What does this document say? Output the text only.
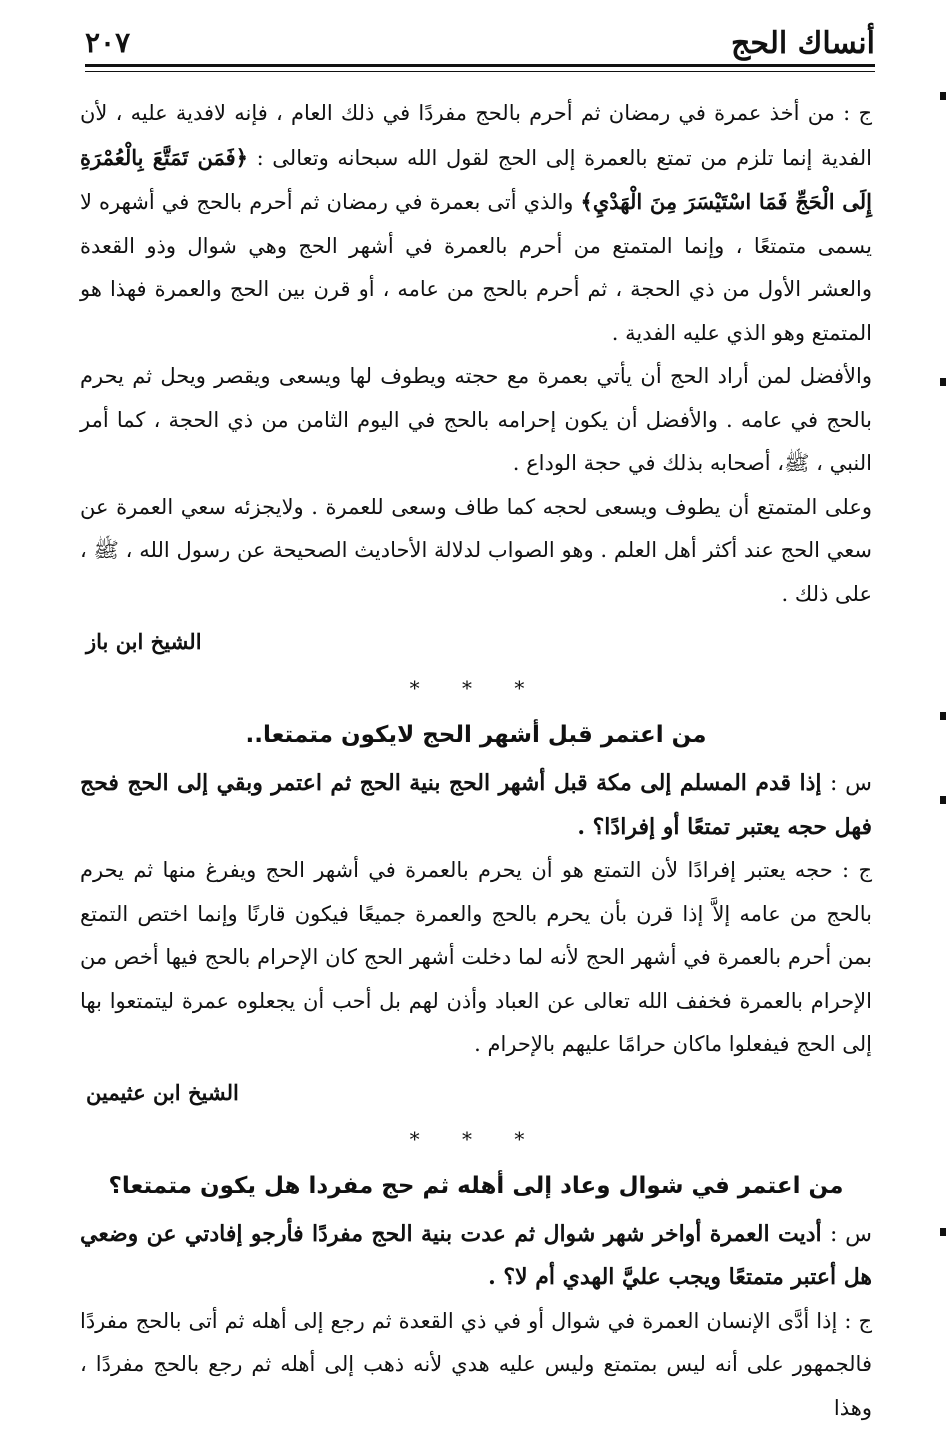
أنساك الحج
٢٠٧

ج : من أخذ عمرة في رمضان ثم أحرم بالحج مفردًا في ذلك العام ، فإنه لافدية عليه ، لأن الفدية إنما تلزم من تمتع بالعمرة إلى الحج لقول الله سبحانه وتعالى : ﴿فَمَن تَمَتَّعَ بِالْعُمْرَةِ إِلَى الْحَجِّ فَمَا اسْتَيْسَرَ مِنَ الْهَدْيِ﴾ والذي أتى بعمرة في رمضان ثم أحرم بالحج في أشهره لا يسمى متمتعًا ، وإنما المتمتع من أحرم بالعمرة في أشهر الحج وهي شوال وذو القعدة والعشر الأول من ذي الحجة ، ثم أحرم بالحج من عامه ، أو قرن بين الحج والعمرة فهذا هو المتمتع وهو الذي عليه الفدية .

والأفضل لمن أراد الحج أن يأتي بعمرة مع حجته ويطوف لها ويسعى ويقصر ويحل ثم يحرم بالحج في عامه . والأفضل أن يكون إحرامه بالحج في اليوم الثامن من ذي الحجة ، كما أمر النبي ، ﷺ، أصحابه بذلك في حجة الوداع .

وعلى المتمتع أن يطوف ويسعى لحجه كما طاف وسعى للعمرة . ولايجزئه سعي العمرة عن سعي الحج عند أكثر أهل العلم . وهو الصواب لدلالة الأحاديث الصحيحة عن رسول الله ، ﷺ ، على ذلك .

الشيخ ابن باز
* * *
من اعتمر قبل أشهر الحج لايكون متمتعا..

س : إذا قدم المسلم إلى مكة قبل أشهر الحج بنية الحج ثم اعتمر وبقي إلى الحج فحج فهل حجه يعتبر تمتعًا أو إفرادًا؟ .

ج : حجه يعتبر إفرادًا لأن التمتع هو أن يحرم بالعمرة في أشهر الحج ويفرغ منها ثم يحرم بالحج من عامه إلاَّ إذا قرن بأن يحرم بالحج والعمرة جميعًا فيكون قارنًا وإنما اختص التمتع بمن أحرم بالعمرة في أشهر الحج لأنه لما دخلت أشهر الحج كان الإحرام بالحج فيها أخص من الإحرام بالعمرة فخفف الله تعالى عن العباد وأذن لهم بل أحب أن يجعلوه عمرة ليتمتعوا بها إلى الحج فيفعلوا ماكان حرامًا عليهم بالإحرام .

الشيخ ابن عثيمين
* * *
من اعتمر في شوال وعاد إلى أهله ثم حج مفردا هل يكون متمتعا؟

س : أديت العمرة أواخر شهر شوال ثم عدت بنية الحج مفردًا فأرجو إفادتي عن وضعي هل أعتبر متمتعًا ويجب عليَّ الهدي أم لا؟ .

ج : إذا أدَّى الإنسان العمرة في شوال أو في ذي القعدة ثم رجع إلى أهله ثم أتى بالحج مفردًا فالجمهور على أنه ليس بمتمتع وليس عليه هدي لأنه ذهب إلى أهله ثم رجع بالحج مفردًا ، وهذا
